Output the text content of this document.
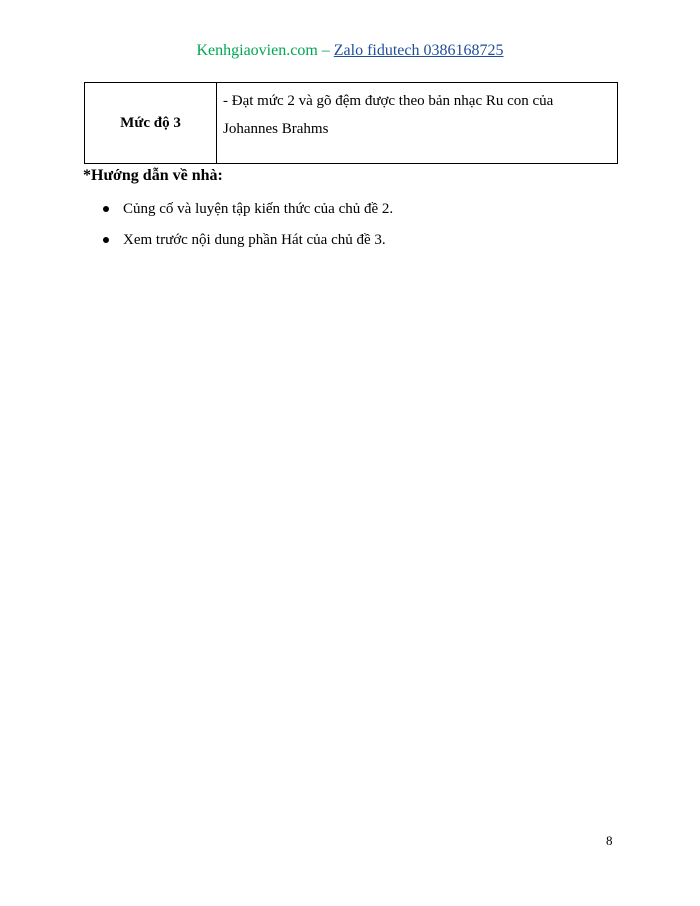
Kenhgiaovien.com – Zalo fidutech 0386168725
Mức độ 3	- Đạt mức 2 và gõ đệm được theo bản nhạc Ru con của Johannes Brahms
*Hướng dẫn về nhà:
Củng cố và luyện tập kiến thức của chủ đề 2.
Xem trước nội dung phần Hát của chủ đề 3.
8
